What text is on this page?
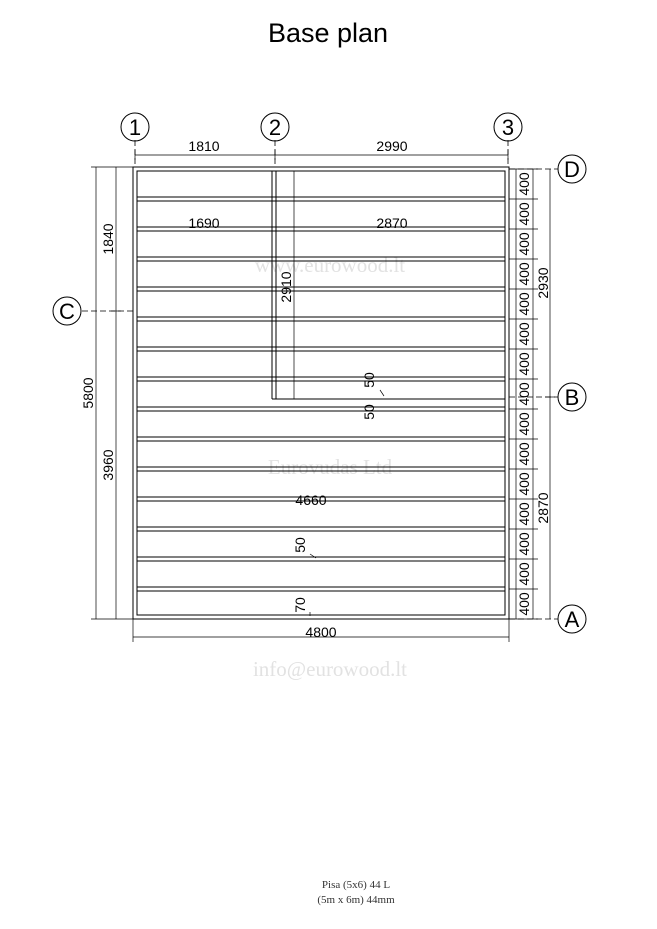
Base plan
www.eurowood.lt
Eurovudas Ltd
info@eurowood.lt
1	2	3
C
D
B
A
1810	2990
1690	2870
4660
2910
1840
3960
5800
2930
2870
400
400
400
400
400
400
400
400
400
400
400
400
400
400
400
50
50
50
70
4800
Pisa (5x6) 44 L
(5m x 6m) 44mm
